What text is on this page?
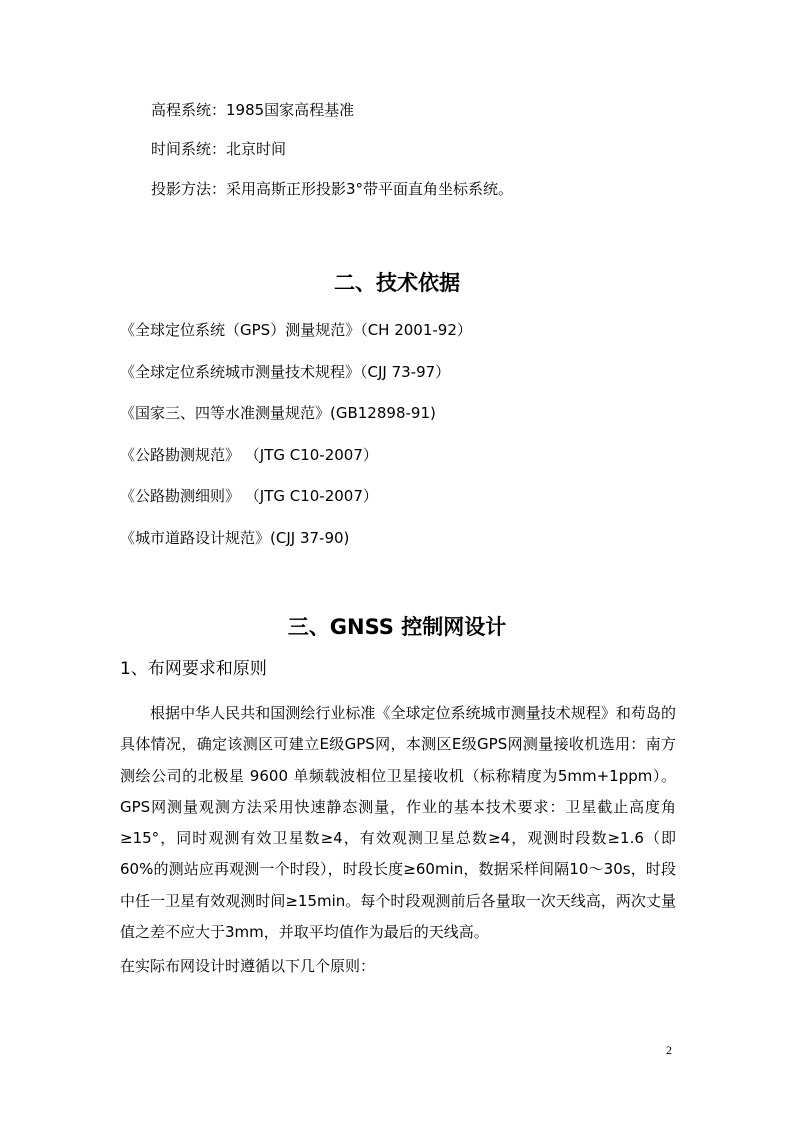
高程系统：1985国家高程基准
时间系统：北京时间
投影方法：采用高斯正形投影3°带平面直角坐标系统。
二、技术依据
《全球定位系统（GPS）测量规范》（CH 2001-92）
《全球定位系统城市测量技术规程》（CJJ 73-97）
《国家三、四等水准测量规范》(GB12898-91)
《公路勘测规范》 （JTG C10-2007）
《公路勘测细则》 （JTG C10-2007）
《城市道路设计规范》(CJJ 37-90)
三、GNSS 控制网设计
1、布网要求和原则
根据中华人民共和国测绘行业标准《全球定位系统城市测量技术规程》和苟岛的具体情况，确定该测区可建立E级GPS网，本测区E级GPS网测量接收机选用：南方测绘公司的北极星 9600 单频载波相位卫星接收机（标称精度为5mm+1ppm）。GPS网测量观测方法采用快速静态测量，作业的基本技术要求：卫星截止高度角≥15°，同时观测有效卫星数≥4，有效观测卫星总数≥4，观测时段数≥1.6（即60%的测站应再观测一个时段），时段长度≥60min，数据采样间隔10～30s，时段中任一卫星有效观测时间≥15min。每个时段观测前后各量取一次天线高，两次丈量值之差不应大于3mm，并取平均值作为最后的天线高。
在实际布网设计时遵循以下几个原则：
2
